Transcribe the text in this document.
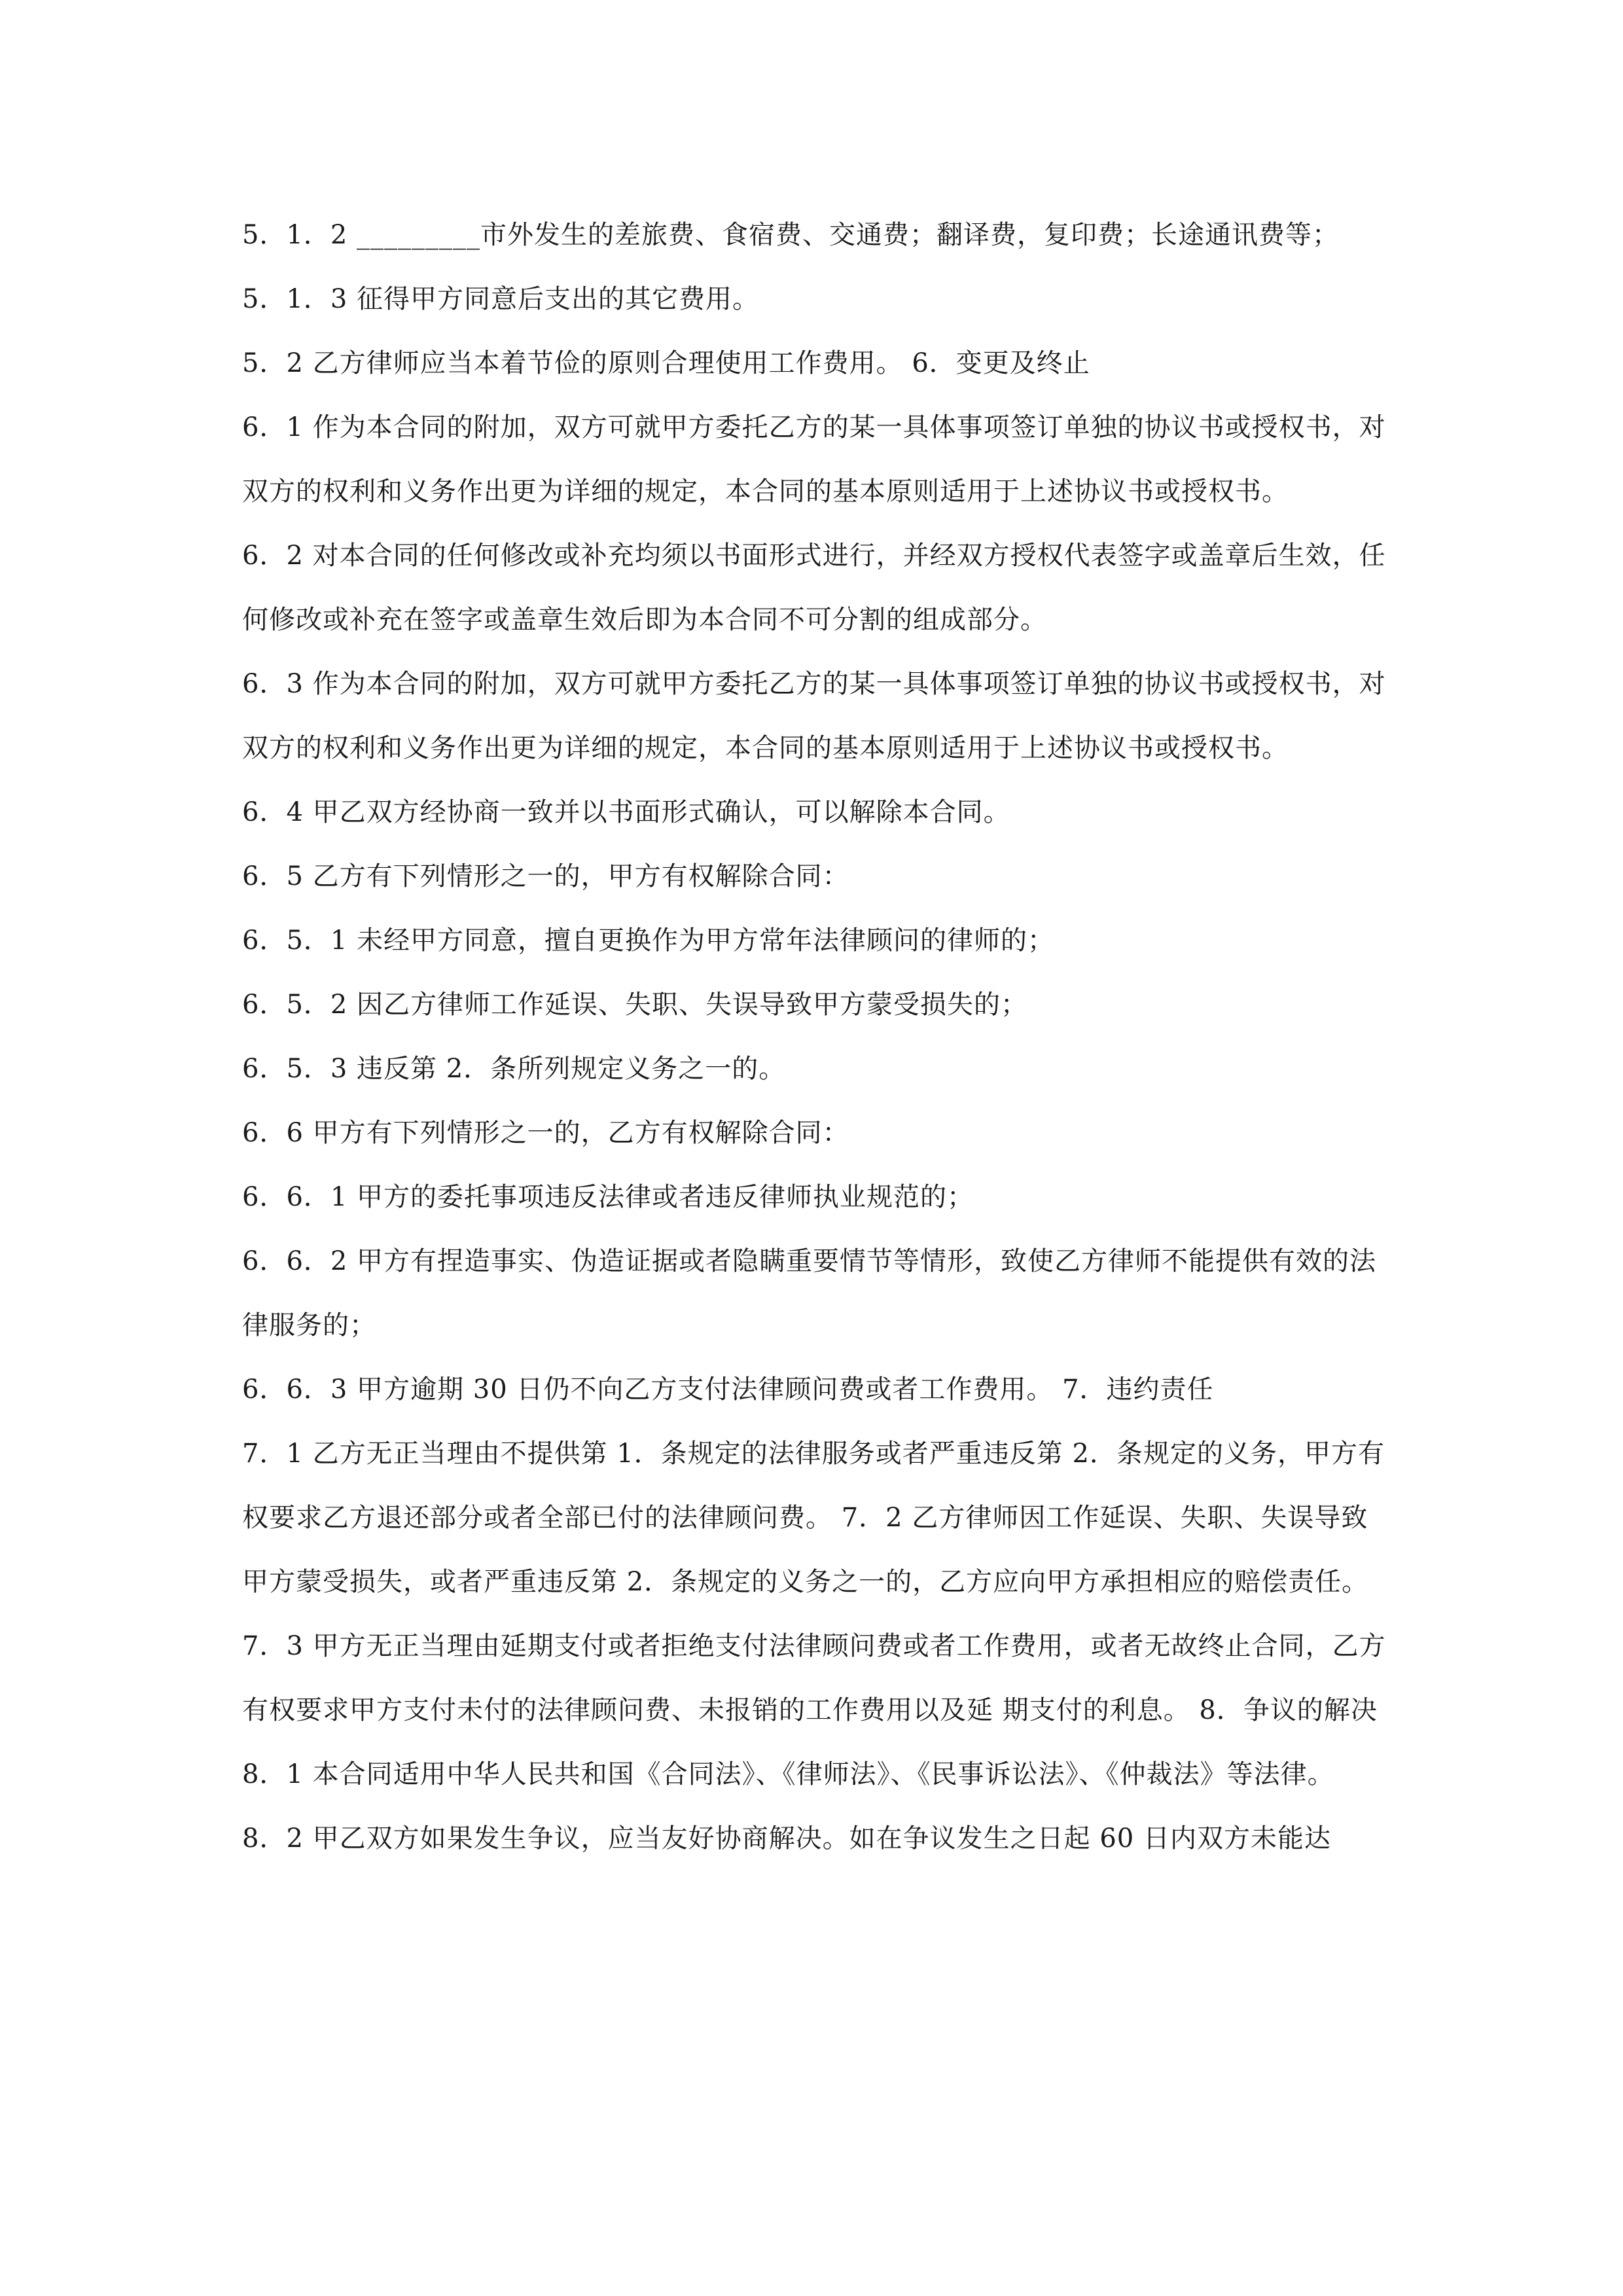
5．1．2 _________市外发生的差旅费、食宿费、交通费；翻译费，复印费；长途通讯费等；

5．1．3 征得甲方同意后支出的其它费用。

5．2 乙方律师应当本着节俭的原则合理使用工作费用。 6．变更及终止

6．1 作为本合同的附加，双方可就甲方委托乙方的某一具体事项签订单独的协议书或授权书，对双方的权利和义务作出更为详细的规定，本合同的基本原则适用于上述协议书或授权书。

6．2 对本合同的任何修改或补充均须以书面形式进行，并经双方授权代表签字或盖章后生效，任何修改或补充在签字或盖章生效后即为本合同不可分割的组成部分。

6．3 作为本合同的附加，双方可就甲方委托乙方的某一具体事项签订单独的协议书或授权书，对双方的权利和义务作出更为详细的规定，本合同的基本原则适用于上述协议书或授权书。

6．4 甲乙双方经协商一致并以书面形式确认，可以解除本合同。

6．5 乙方有下列情形之一的，甲方有权解除合同：

6．5．1 未经甲方同意，擅自更换作为甲方常年法律顾问的律师的；

6．5．2 因乙方律师工作延误、失职、失误导致甲方蒙受损失的；

6．5．3 违反第 2．条所列规定义务之一的。

6．6 甲方有下列情形之一的，乙方有权解除合同：

6．6．1 甲方的委托事项违反法律或者违反律师执业规范的；

6．6．2 甲方有捏造事实、伪造证据或者隐瞒重要情节等情形，致使乙方律师不能提供有效的法律服务的；

6．6．3 甲方逾期 30 日仍不向乙方支付法律顾问费或者工作费用。 7．违约责任

7．1 乙方无正当理由不提供第 1．条规定的法律服务或者严重违反第 2．条规定的义务，甲方有权要求乙方退还部分或者全部已付的法律顾问费。 7．2 乙方律师因工作延误、失职、失误导致甲方蒙受损失，或者严重违反第 2．条规定的义务之一的，乙方应向甲方承担相应的赔偿责任。

7．3 甲方无正当理由延期支付或者拒绝支付法律顾问费或者工作费用，或者无故终止合同，乙方有权要求甲方支付未付的法律顾问费、未报销的工作费用以及延 期支付的利息。 8．争议的解决

8．1 本合同适用中华人民共和国《合同法》、《律师法》、《民事诉讼法》、《仲裁法》等法律。

8．2 甲乙双方如果发生争议，应当友好协商解决。如在争议发生之日起 60 日内双方未能达
